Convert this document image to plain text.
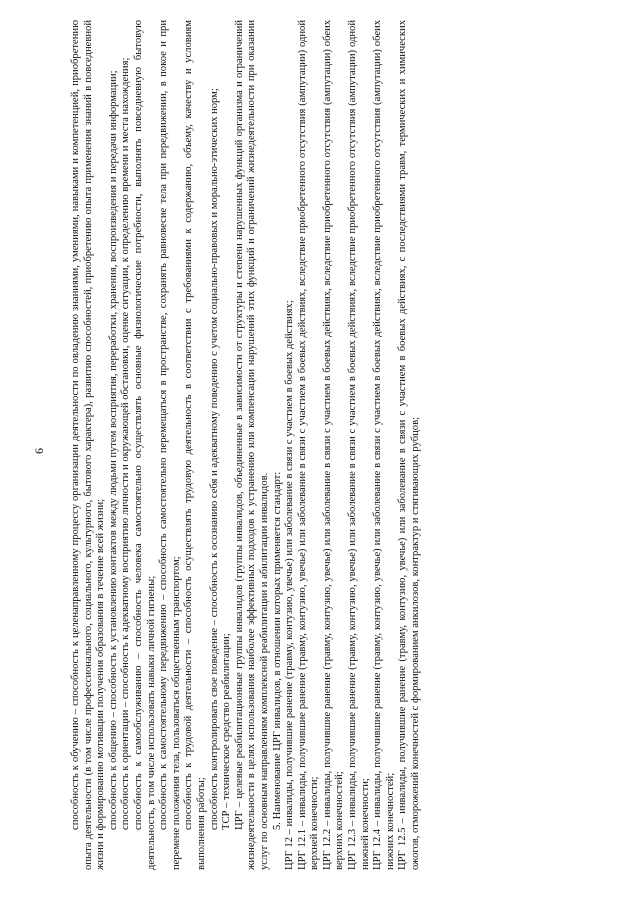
6 способность к обучению – способность к целенаправленному процессу организации деятельности по овладению знаниями, умениями, навыками и компетенцией, приобретению опыта деятельности (в том числе профессионального, социального, культурного, бытового характера), развитию способностей, приобретению опыта применения знаний в повседневной жизни и формированию мотивации получения образования в течение всей жизни; способность к общению – способность к установлению контактов между людьми путем восприятия, переработки, хранения, воспроизведения и передачи информации; способность к ориентации – способность к адекватному восприятию личности и окружающей обстановки, оценке ситуации, к определению времени и места нахождения; способность к самообслуживанию – способность человека самостоятельно осуществлять основные физиологические потребности, выполнять повседневную бытовую деятельность, в том числе использовать навыки личной гигиены; способность к самостоятельному передвижению – способность самостоятельно перемещаться в пространстве, сохранять равновесие тела при передвижении, в покое и при перемене положения тела, пользоваться общественным транспортом; способность к трудовой деятельности – способность осуществлять трудовую деятельность в соответствии с требованиями к содержанию, объему, качеству и условиям выполнения работы; способность контролировать свое поведение – способность к осознанию себя и адекватному поведению с учетом социально-правовых и морально-этических норм; ТСР – техническое средство реабилитации; ЦРГ – целевые реабилитационные группы инвалидов (группы инвалидов, объединенные в зависимости от структуры и степени нарушенных функций организма и ограничений жизнедеятельности в целях использования наиболее эффективных подходов к устранению или компенсации нарушений этих функций и ограничений жизнедеятельности при оказании услуг по основным направлениям комплексной реабилитации и абилитации инвалидов. 5. Наименование ЦРГ инвалидов, в отношении которых применяется стандарт: ЦРГ 12 – инвалиды, получившие ранение (травму, контузию, увечье) или заболевание в связи с участием в боевых действиях; ЦРГ 12.1 – инвалиды, получившие ранение (травму, контузию, увечье) или заболевание в связи с участием в боевых действиях, вследствие приобретенного отсутствия (ампутации) одной верхней конечности; ЦРГ 12.2 – инвалиды, получившие ранение (травму, контузию, увечье) или заболевание в связи с участием в боевых действиях, вследствие приобретенного отсутствия (ампутации) обеих верхних конечностей; ЦРГ 12.3 – инвалиды, получившие ранение (травму, контузию, увечье) или заболевание в связи с участием в боевых действиях, вследствие приобретенного отсутствия (ампутации) одной нижней конечности; ЦРГ 12.4 – инвалиды, получившие ранение (травму, контузию, увечье) или заболевание в связи с участием в боевых действиях, вследствие приобретенного отсутствия (ампутации) обеих нижних конечностей; ЦРГ 12.5 – инвалиды, получившие ранение (травму, контузию, увечье) или заболевание в связи с участием в боевых действиях, с последствиями травм, термических и химических ожогов, отморожений конечностей с формированием анкилозов, контрактур и стягивающих рубцов;
